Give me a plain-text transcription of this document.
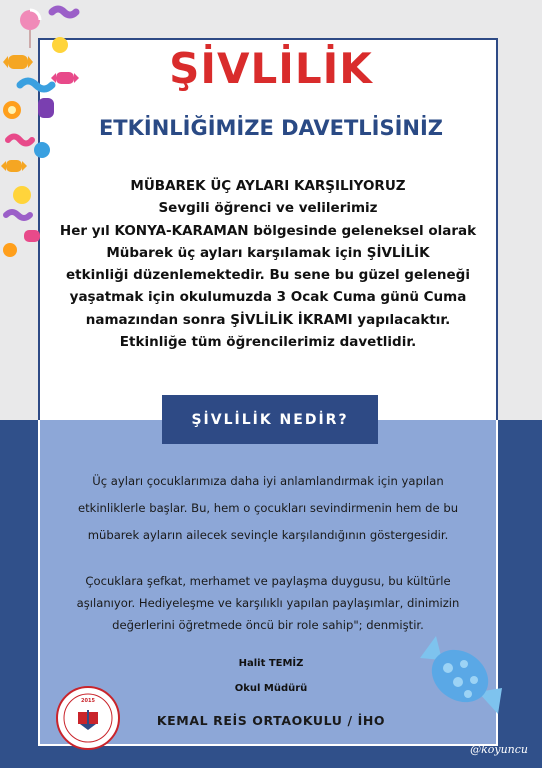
ŞİVLİLİK
ETKİNLİĞİMİZE DAVETLİSİNİZ
MÜBAREK ÜÇ AYLARI KARŞILIYORUZ
Sevgili öğrenci ve velilerimiz
Her yıl KONYA-KARAMAN bölgesinde geleneksel olarak
Mübarek üç ayları karşılamak için ŞİVLİLİK
etkinliği düzenlemektedir. Bu sene bu güzel geleneği
yaşatmak için okulumuzda 3 Ocak Cuma günü Cuma
namazından sonra ŞİVLİLİK İKRAMI yapılacaktır.
Etkinliğe tüm öğrencilerimiz davetlidir.
ŞİVLİLİK NEDİR?
Üç ayları çocuklarımıza daha iyi anlamlandırmak için yapılan
etkinliklerle başlar. Bu, hem o çocukları sevindirmenin hem de bu
mübarek ayların ailecek sevinçle karşılandığının göstergesidir.
Çocuklara şefkat, merhamet ve paylaşma duygusu, bu kültürle
aşılanıyor. Hediyeleşme ve karşılıklı yapılan paylaşımlar, dinimizin
değerlerini öğretmede öncü bir role sahip"; denmiştir.
Halit TEMİZ
Okul Müdürü
KEMAL REİS ORTAOKULU / İHO
2015
@koyuncu
